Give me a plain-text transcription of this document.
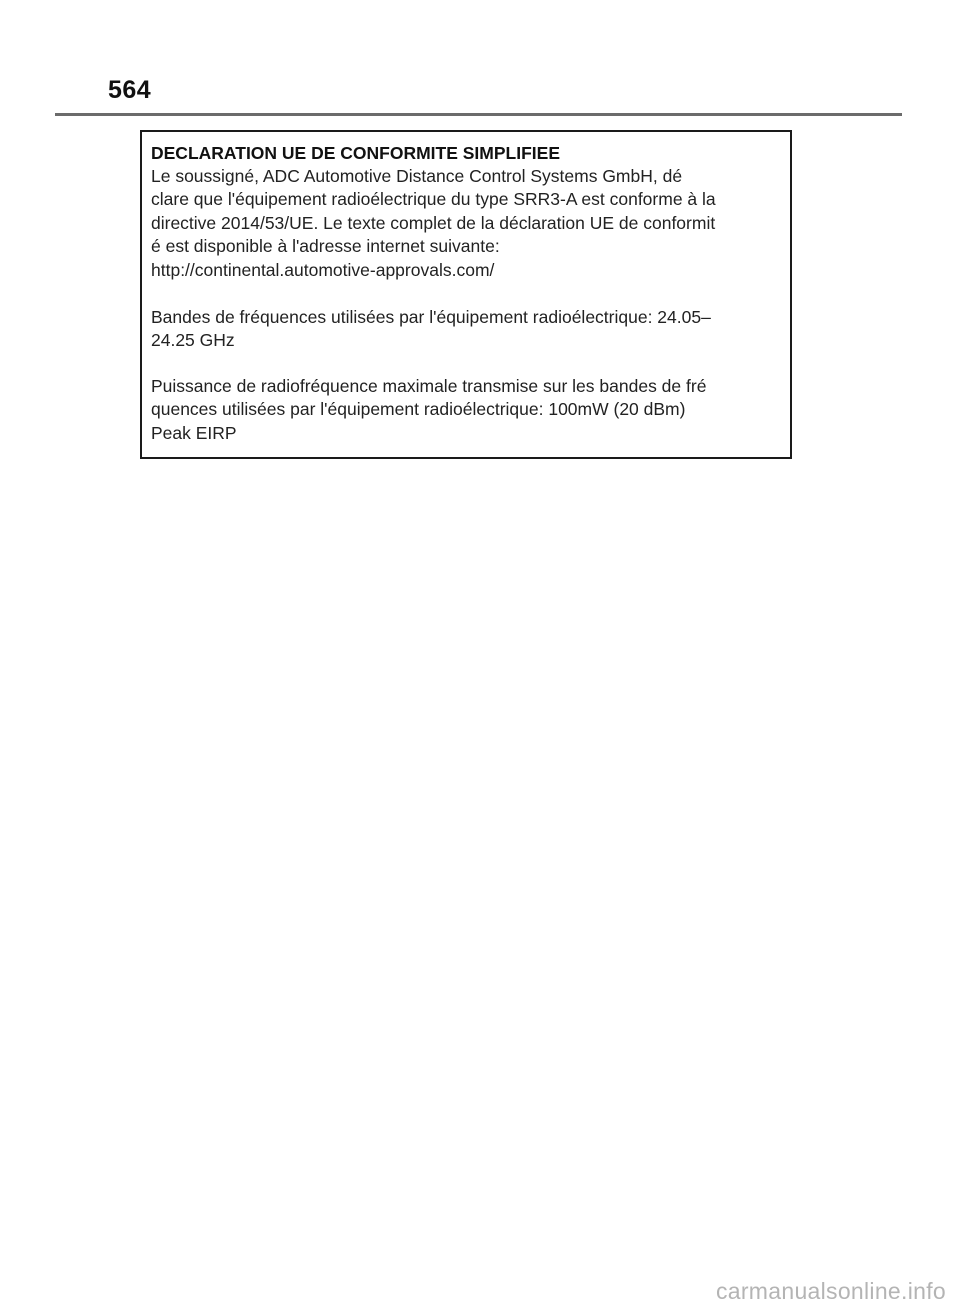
564

DECLARATION UE DE CONFORMITE SIMPLIFIEE

Le soussigné, ADC Automotive Distance Control Systems GmbH, dé
clare que l'équipement radioélectrique du type SRR3-A est conforme à la
directive 2014/53/UE. Le texte complet de la déclaration UE de conformit
é est disponible à l'adresse internet suivante:
http://continental.automotive-approvals.com/

Bandes de fréquences utilisées par l'équipement radioélectrique: 24.05–
24.25 GHz

Puissance de radiofréquence maximale transmise sur les bandes de fré
quences utilisées par l'équipement radioélectrique: 100mW (20 dBm)
Peak EIRP

carmanualsonline.info
